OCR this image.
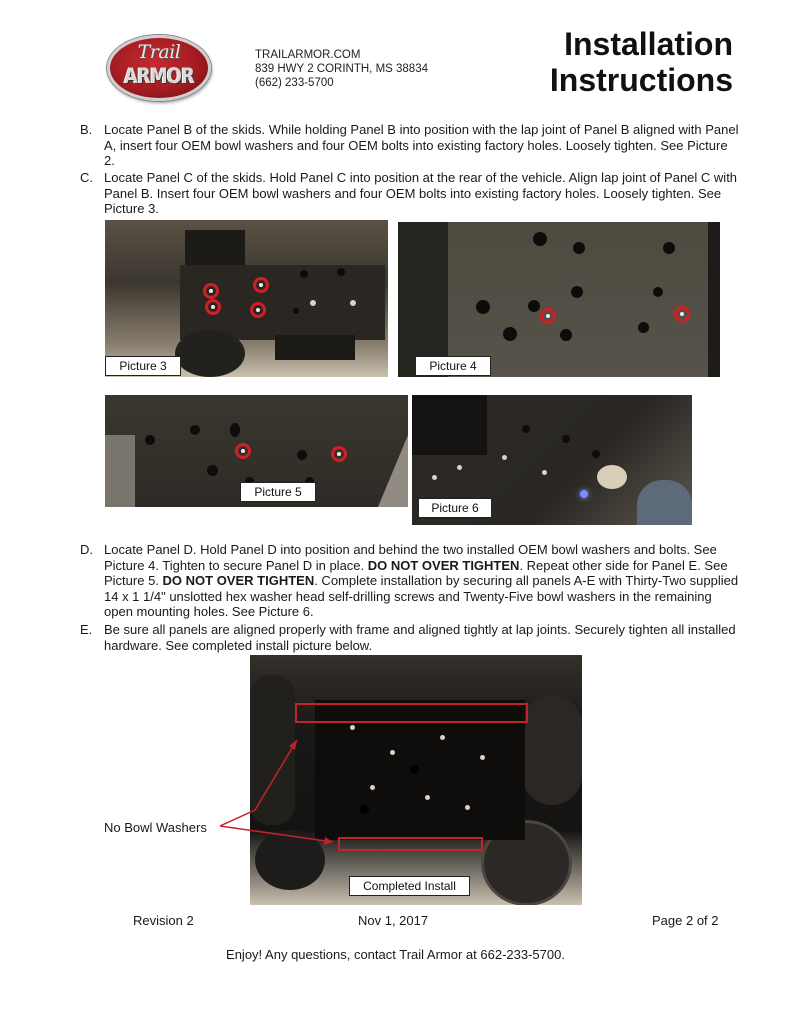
Trail
ARMOR
TRAILARMOR.COM
839 HWY 2 CORINTH, MS 38834
(662) 233-5700
Installation
Instructions
B. Locate Panel B of the skids. While holding Panel B into position with the lap joint of Panel B aligned with Panel A, insert four OEM bowl washers and four OEM bolts into existing factory holes. Loosely tighten. See Picture 2.
C. Locate Panel C of the skids. Hold Panel C into position at the rear of the vehicle. Align lap joint of Panel C with Panel B. Insert four OEM bowl washers and four OEM bolts into existing factory holes. Loosely tighten. See Picture 3.
Picture 3	Picture 4
Picture 5
Picture 6
D. Locate Panel D. Hold Panel D into position and behind the two installed OEM bowl washers and bolts. See Picture 4. Tighten to secure Panel D in place. DO NOT OVER TIGHTEN. Repeat other side for Panel E. See Picture 5. DO NOT OVER TIGHTEN. Complete installation by securing all panels A-E with Thirty-Two supplied 14 x 1 1/4" unslotted hex washer head self-drilling screws and Twenty-Five bowl washers in the remaining open mounting holes. See Picture 6.
E. Be sure all panels are aligned properly with frame and aligned tightly at lap joints. Securely tighten all installed hardware. See completed install picture below.
No Bowl Washers
Completed Install
Revision 2	Nov 1, 2017	Page 2 of 2
Enjoy! Any questions, contact Trail Armor at 662-233-5700.
